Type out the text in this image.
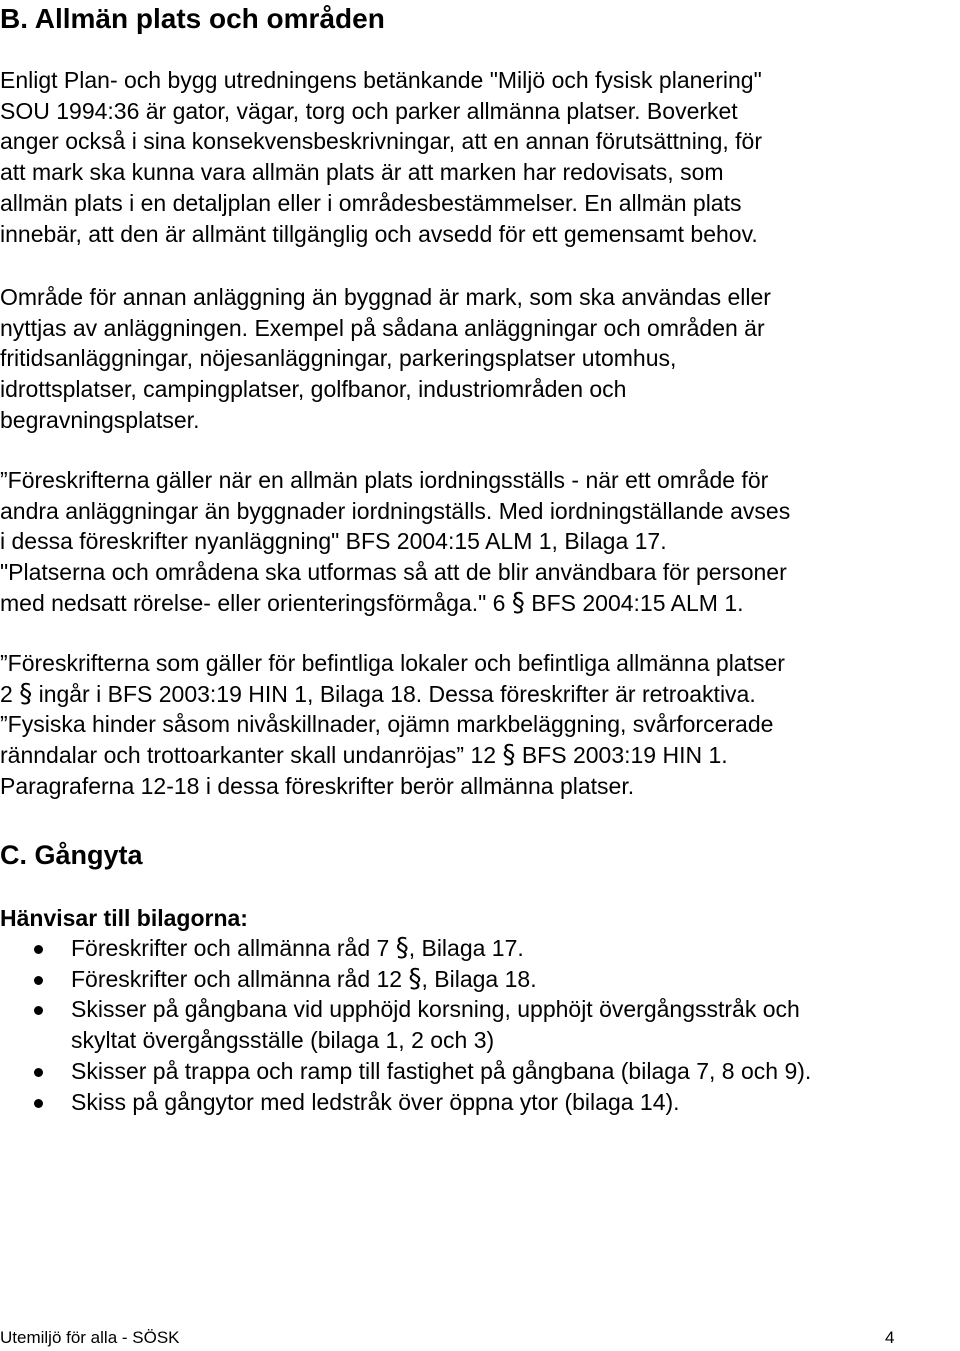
B. Allmän plats och områden
Enligt Plan- och bygg utredningens betänkande "Miljö och fysisk planering"
SOU 1994:36 är gator, vägar, torg och parker allmänna platser. Boverket
anger också i sina konsekvensbeskrivningar, att en annan förutsättning, för
att mark ska kunna vara allmän plats är att marken har redovisats, som
allmän plats i en detaljplan eller i områdesbestämmelser. En allmän plats
innebär, att den är allmänt tillgänglig och avsedd för ett gemensamt behov.
Område för annan anläggning än byggnad är mark, som ska användas eller
nyttjas av anläggningen. Exempel på sådana anläggningar och områden är
fritidsanläggningar, nöjesanläggningar, parkeringsplatser utomhus,
idrottsplatser, campingplatser, golfbanor, industriområden och
begravningsplatser.
”Föreskrifterna gäller när en allmän plats iordningsställs - när ett område för
andra anläggningar än byggnader iordningställs. Med iordningställande avses
i dessa föreskrifter nyanläggning" BFS 2004:15 ALM 1, Bilaga 17.
"Platserna och områdena ska utformas så att de blir användbara för personer
med nedsatt rörelse- eller orienteringsförmåga." 6 § BFS 2004:15 ALM 1.
”Föreskrifterna som gäller för befintliga lokaler och befintliga allmänna platser
2 § ingår i BFS 2003:19 HIN 1, Bilaga 18. Dessa föreskrifter är retroaktiva.
”Fysiska hinder såsom nivåskillnader, ojämn markbeläggning, svårforcerade
ränndalar och trottoarkanter skall undanröjas” 12 § BFS 2003:19 HIN 1.
Paragraferna 12-18 i dessa föreskrifter berör allmänna platser.
C. Gångyta
Hänvisar till bilagorna:
Föreskrifter och allmänna råd 7 §, Bilaga 17.
Föreskrifter och allmänna råd 12 §, Bilaga 18.
Skisser på gångbana vid upphöjd korsning, upphöjt övergångsstråk och
skyltat övergångsställe (bilaga 1, 2 och 3)
Skisser på trappa och ramp till fastighet på gångbana (bilaga 7, 8 och 9).
Skiss på gångytor med ledstråk över öppna ytor (bilaga 14).
Utemiljö för alla - SÖSK	4
